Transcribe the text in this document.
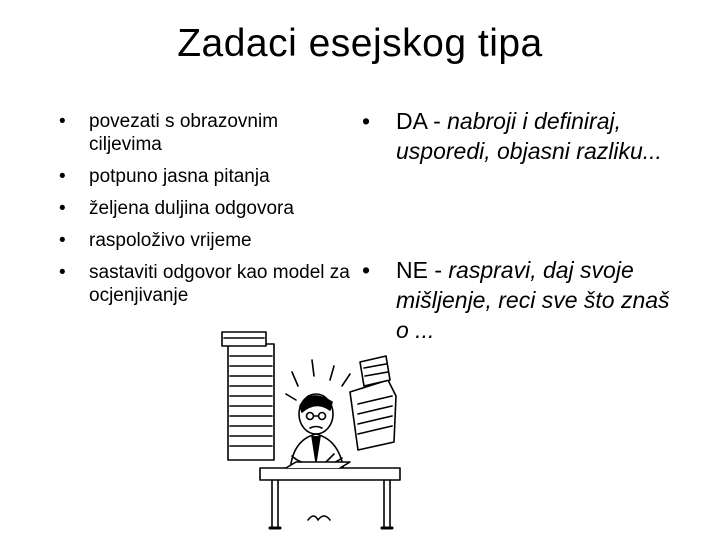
Zadaci esejskog tipa
• povezati s obrazovnim ciljevima
• potpuno jasna pitanja
• željena duljina odgovora
• raspoloživo vrijeme
• sastaviti odgovor kao model za ocjenjivanje
•	DA - nabroji i definiraj, usporedi, objasni razliku...
•	NE - raspravi, daj svoje mišljenje, reci sve što znaš o ...
